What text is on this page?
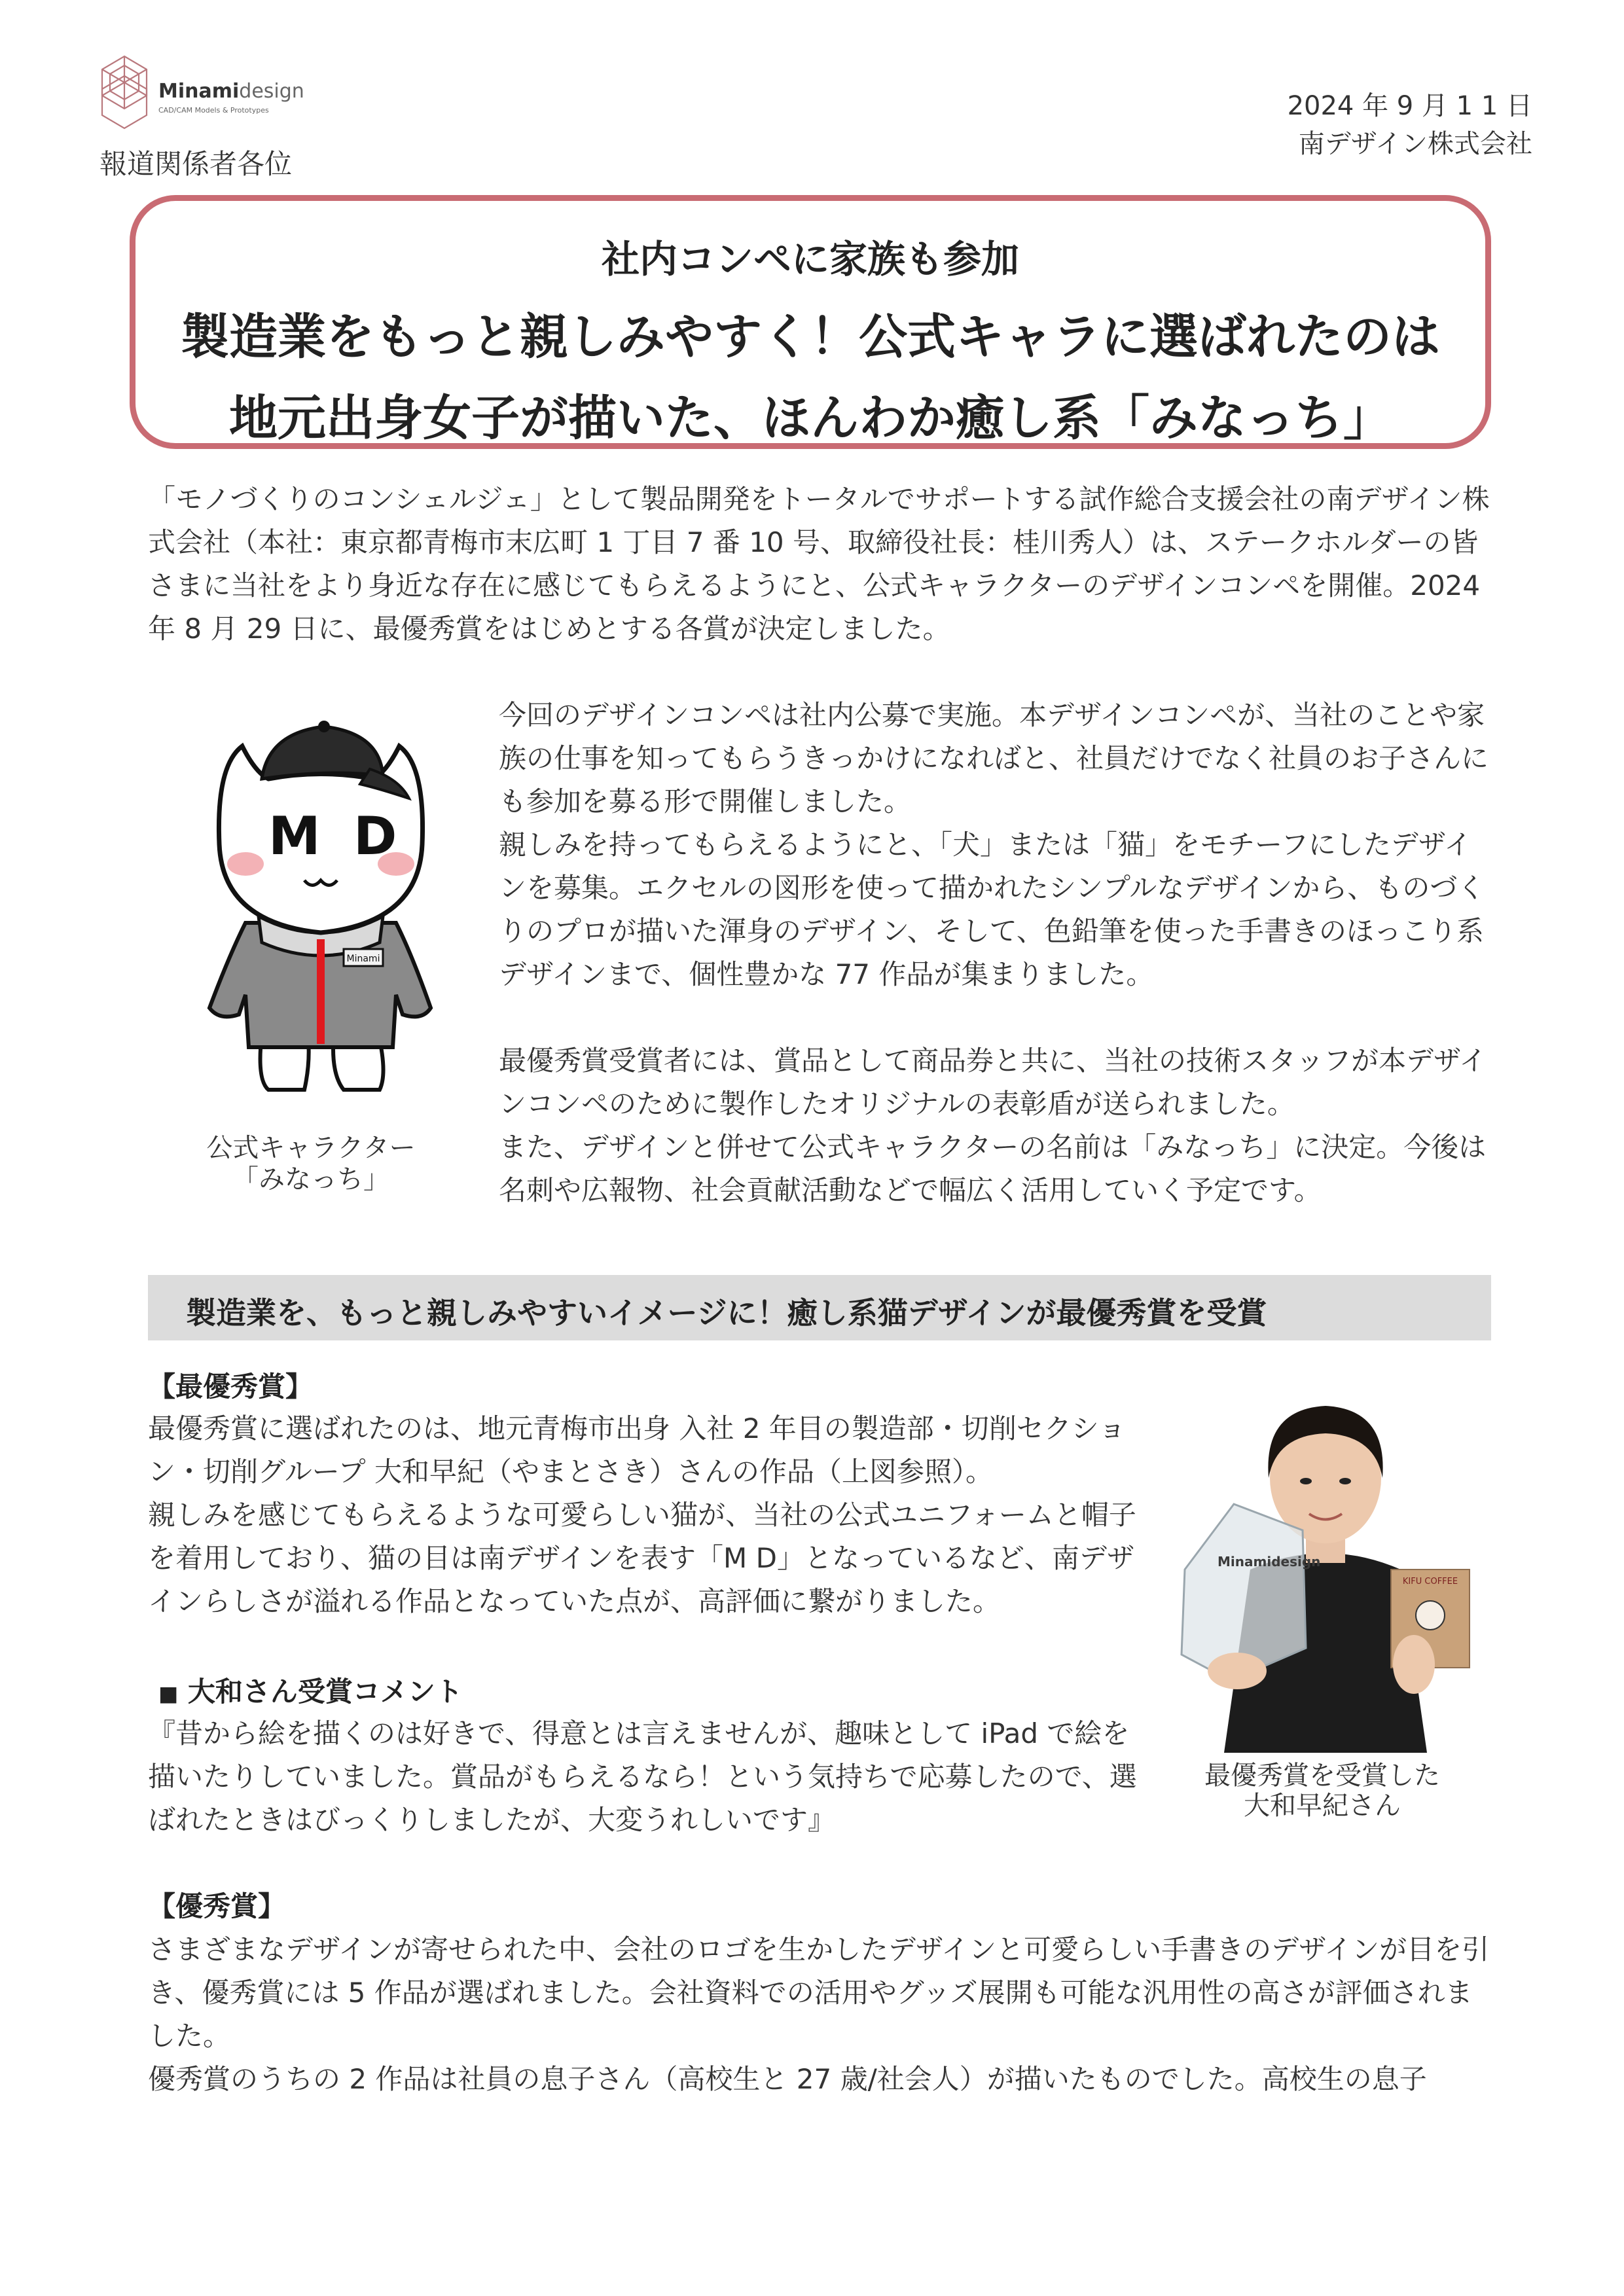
Minamidesign
CAD/CAM Models & Prototypes
報道関係者各位
2024 年 9 月 1 1 日
南デザイン株式会社
社内コンペに家族も参加
製造業をもっと親しみやすく！公式キャラに選ばれたのは
地元出身女子が描いた、ほんわか癒し系「みなっち」
「モノづくりのコンシェルジェ」として製品開発をトータルでサポートする試作総合支援会社の南デザイン株式会社（本社：東京都青梅市末広町 1 丁目 7 番 10 号、取締役社長：桂川秀人）は、ステークホルダーの皆さまに当社をより身近な存在に感じてもらえるようにと、公式キャラクターのデザインコンペを開催。2024 年 8 月 29 日に、最優秀賞をはじめとする各賞が決定しました。
Minami
M D
公式キャラクター
「みなっち」
今回のデザインコンペは社内公募で実施。本デザインコンペが、当社のことや家族の仕事を知ってもらうきっかけになればと、社員だけでなく社員のお子さんにも参加を募る形で開催しました。
親しみを持ってもらえるようにと、「犬」または「猫」をモチーフにしたデザインを募集。エクセルの図形を使って描かれたシンプルなデザインから、ものづくりのプロが描いた渾身のデザイン、そして、色鉛筆を使った手書きのほっこり系デザインまで、個性豊かな 77 作品が集まりました。
最優秀賞受賞者には、賞品として商品券と共に、当社の技術スタッフが本デザインコンペのために製作したオリジナルの表彰盾が送られました。
また、デザインと併せて公式キャラクターの名前は「みなっち」に決定。今後は名刺や広報物、社会貢献活動などで幅広く活用していく予定です。
製造業を、もっと親しみやすいイメージに！癒し系猫デザインが最優秀賞を受賞
【最優秀賞】
最優秀賞に選ばれたのは、地元青梅市出身 入社 2 年目の製造部・切削セクション・切削グループ 大和早紀（やまとさき）さんの作品（上図参照）。
親しみを感じてもらえるような可愛らしい猫が、当社の公式ユニフォームと帽子を着用しており、猫の目は南デザインを表す「M D」となっているなど、南デザインらしさが溢れる作品となっていた点が、高評価に繋がりました。
■ 大和さん受賞コメント
『昔から絵を描くのは好きで、得意とは言えませんが、趣味として iPad で絵を描いたりしていました。賞品がもらえるなら！という気持ちで応募したので、選ばれたときはびっくりしましたが、大変うれしいです』
Minamidesign
KIFU COFFEE
最優秀賞を受賞した
大和早紀さん
【優秀賞】
さまざまなデザインが寄せられた中、会社のロゴを生かしたデザインと可愛らしい手書きのデザインが目を引き、優秀賞には 5 作品が選ばれました。会社資料での活用やグッズ展開も可能な汎用性の高さが評価されました。
優秀賞のうちの 2 作品は社員の息子さん（高校生と 27 歳/社会人）が描いたものでした。高校生の息子
